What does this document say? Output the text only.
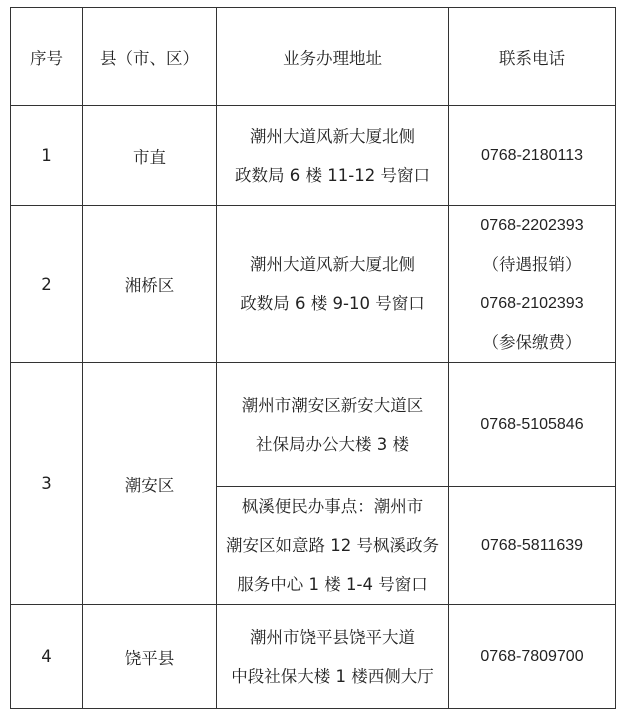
序号	县（市、区）	业务办理地址	联系电话
1	市直	潮州大道风新大厦北侧
政数局 6 楼 11-12 号窗口	0768-2180113

2	湘桥区	潮州大道风新大厦北侧
政数局 6 楼 9-10 号窗口	0768-2202393
（待遇报销）
0768-2102393
（参保缴费）

3	潮安区	潮州市潮安区新安大道区
社保局办公大楼 3 楼	0768-5105846

		枫溪便民办事点：潮州市
潮安区如意路 12 号枫溪政务
服务中心 1 楼 1-4 号窗口	0768-5811639

4	饶平县	潮州市饶平县饶平大道
中段社保大楼 1 楼西侧大厅	0768-7809700
